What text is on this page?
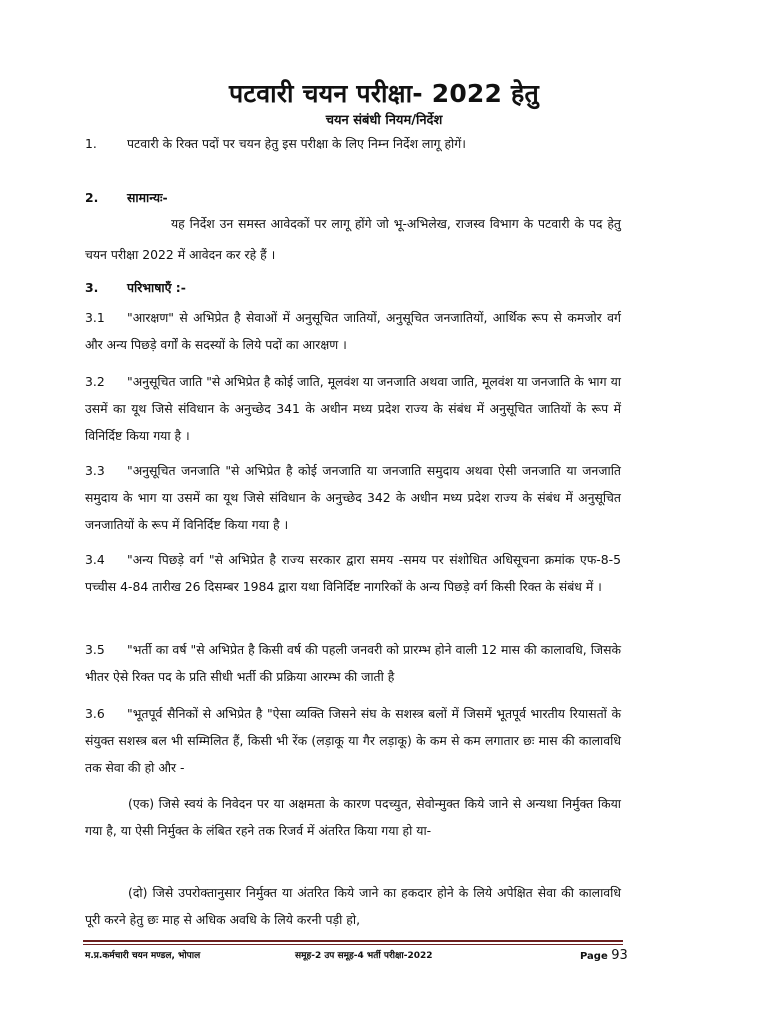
पटवारी चयन परीक्षा- 2022 हेतु
चयन संबंधी नियम/निर्देश
1. पटवारी के रिक्त पदों पर चयन हेतु इस परीक्षा के लिए निम्न निर्देश लागू होगें।
2. सामान्यः-
यह निर्देश उन समस्त आवेदकों पर लागू होंगे जो भू-अभिलेख, राजस्व विभाग के पटवारी के पद हेतु चयन परीक्षा 2022 में आवेदन कर रहे हैं ।
3. परिभाषाएँ :-
3.1 "आरक्षण" से अभिप्रेत है सेवाओं में अनुसूचित जातियों, अनुसूचित जनजातियों, आर्थिक रूप से कमजोर वर्ग और अन्य पिछड़े वर्गों के सदस्यों के लिये पदों का आरक्षण ।
3.2 "अनुसूचित जाति "से अभिप्रेत है कोई जाति, मूलवंश या जनजाति अथवा जाति, मूलवंश या जनजाति के भाग या उसमें का यूथ जिसे संविधान के अनुच्छेद 341 के अधीन मध्य प्रदेश राज्य के संबंध में अनुसूचित जातियों के रूप में विनिर्दिष्ट किया गया है ।
3.3 "अनुसूचित जनजाति "से अभिप्रेत है कोई जनजाति या जनजाति समुदाय अथवा ऐसी जनजाति या जनजाति समुदाय के भाग या उसमें का यूथ जिसे संविधान के अनुच्छेद 342 के अधीन मध्य प्रदेश राज्य के संबंध में अनुसूचित जनजातियों के रूप में विनिर्दिष्ट किया गया है ।
3.4 "अन्य पिछड़े वर्ग "से अभिप्रेत है राज्य सरकार द्वारा समय -समय पर संशोधित अधिसूचना क्रमांक एफ-8-5 पच्चीस 4-84 तारीख 26 दिसम्बर 1984 द्वारा यथा विनिर्दिष्ट नागरिकों के अन्य पिछड़े वर्ग किसी रिक्त के संबंध में ।
3.5 "भर्ती का वर्ष "से अभिप्रेत है किसी वर्ष की पहली जनवरी को प्रारम्भ होने वाली 12 मास की कालावधि, जिसके भीतर ऐसे रिक्त पद के प्रति सीधी भर्ती की प्रक्रिया आरम्भ की जाती है
3.6 "भूतपूर्व सैनिकों से अभिप्रेत है "ऐसा व्यक्ति जिसने संघ के सशस्त्र बलों में जिसमें भूतपूर्व भारतीय रियासतों के संयुक्त सशस्त्र बल भी सम्मिलित हैं, किसी भी रेंक (लड़ाकू या गैर लड़ाकू) के कम से कम लगातार छः मास की कालावधि तक सेवा की हो और -
(एक) जिसे स्वयं के निवेदन पर या अक्षमता के कारण पदच्युत, सेवोन्मुक्त किये जाने से अन्यथा निर्मुक्त किया गया है, या ऐसी निर्मुक्त के लंबित रहने तक रिजर्व में अंतरित किया गया हो या-
(दो) जिसे उपरोक्तानुसार निर्मुक्त या अंतरित किये जाने का हकदार होने के लिये अपेक्षित सेवा की कालावधि पूरी करने हेतु छः माह से अधिक अवधि के लिये करनी पड़ी हो,
म.प्र.कर्मचारी चयन मण्डल, भोपाल	समूह-2 उप समूह-4 भर्ती परीक्षा-2022	Page 93
